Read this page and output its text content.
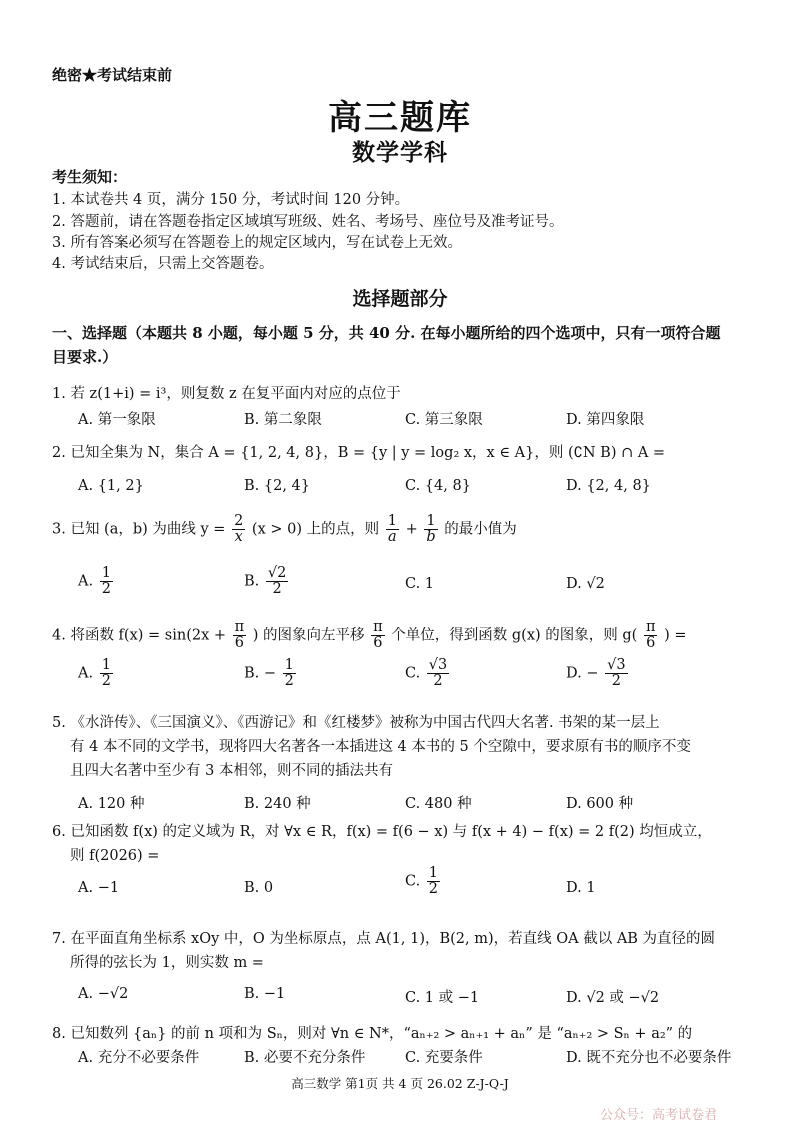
绝密★考试结束前
高三题库
数学学科
考生须知：
1. 本试卷共 4 页，满分 150 分，考试时间 120 分钟。
2. 答题前，请在答题卷指定区域填写班级、姓名、考场号、座位号及准考证号。
3. 所有答案必须写在答题卷上的规定区域内，写在试卷上无效。
4. 考试结束后，只需上交答题卷。
选择题部分
一、选择题（本题共 8 小题，每小题 5 分，共 40 分. 在每小题所给的四个选项中，只有一项符合题
目要求.）
1. 若 z(1+i) = i³，则复数 z 在复平面内对应的点位于
A. 第一象限	B. 第二象限	C. 第三象限	D. 第四象限
2. 已知全集为 N，集合 A = {1, 2, 4, 8}，B = {y | y = log₂ x，x ∈ A}，则 (∁N B) ∩ A =
A. {1, 2}	B. {2, 4}	C. {4, 8}	D. {2, 4, 8}
3. 已知 (a，b) 为曲线 $y = \frac{2}{x} (x > 0)$ 上的点，则 $\frac{1}{a} + \frac{1}{b}$ 的最小值为
A. $\frac{1}{2}$	B. $\frac{√2}{2}$	C. 1	D. √2
4. 将函数 $f(x) = \sin(2x + \frac{\pi}{6}$ ) 的图象向左平移 $\frac{\pi}{6}$ 个单位，得到函数 g(x) 的图象，则 $g( \frac{\pi}{6}$ ) =
A. $\frac{1}{2}$	B. − $\frac{1}{2}$	C. $\frac{√3}{2}$	D. − $\frac{√3}{2}$
5. 《水浒传》、《三国演义》、《西游记》和《红楼梦》被称为中国古代四大名著. 书架的某一层上
有 4 本不同的文学书，现将四大名著各一本插进这 4 本书的 5 个空隙中，要求原有书的顺序不变
且四大名著中至少有 3 本相邻，则不同的插法共有
A. 120 种	B. 240 种	C. 480 种	D. 600 种
6. 已知函数 f(x) 的定义域为 R，对 ∀x ∈ R，f(x) = f(6 − x) 与 f(x + 4) − f(x) = 2 f(2) 均恒成立，
则 f(2026) =
A. −1	B. 0	C. $\frac{1}{2}$	D. 1
7. 在平面直角坐标系 xOy 中，O 为坐标原点，点 A(1, 1)，B(2, m)，若直线 OA 截以 AB 为直径的圆
所得的弦长为 1，则实数 m =
A. −√2	B. −1	C. 1 或 −1	D. √2 或 −√2
8. 已知数列 {aₙ} 的前 n 项和为 Sₙ，则对 ∀n ∈ N*，“aₙ₊₂ > aₙ₊₁ + aₙ” 是 “aₙ₊₂ > Sₙ + a₂” 的
A. 充分不必要条件	B. 必要不充分条件	C. 充要条件	D. 既不充分也不必要条件
高三数学 第1页 共 4 页 26.02 Z-J-Q-J
公众号：高考试卷君
